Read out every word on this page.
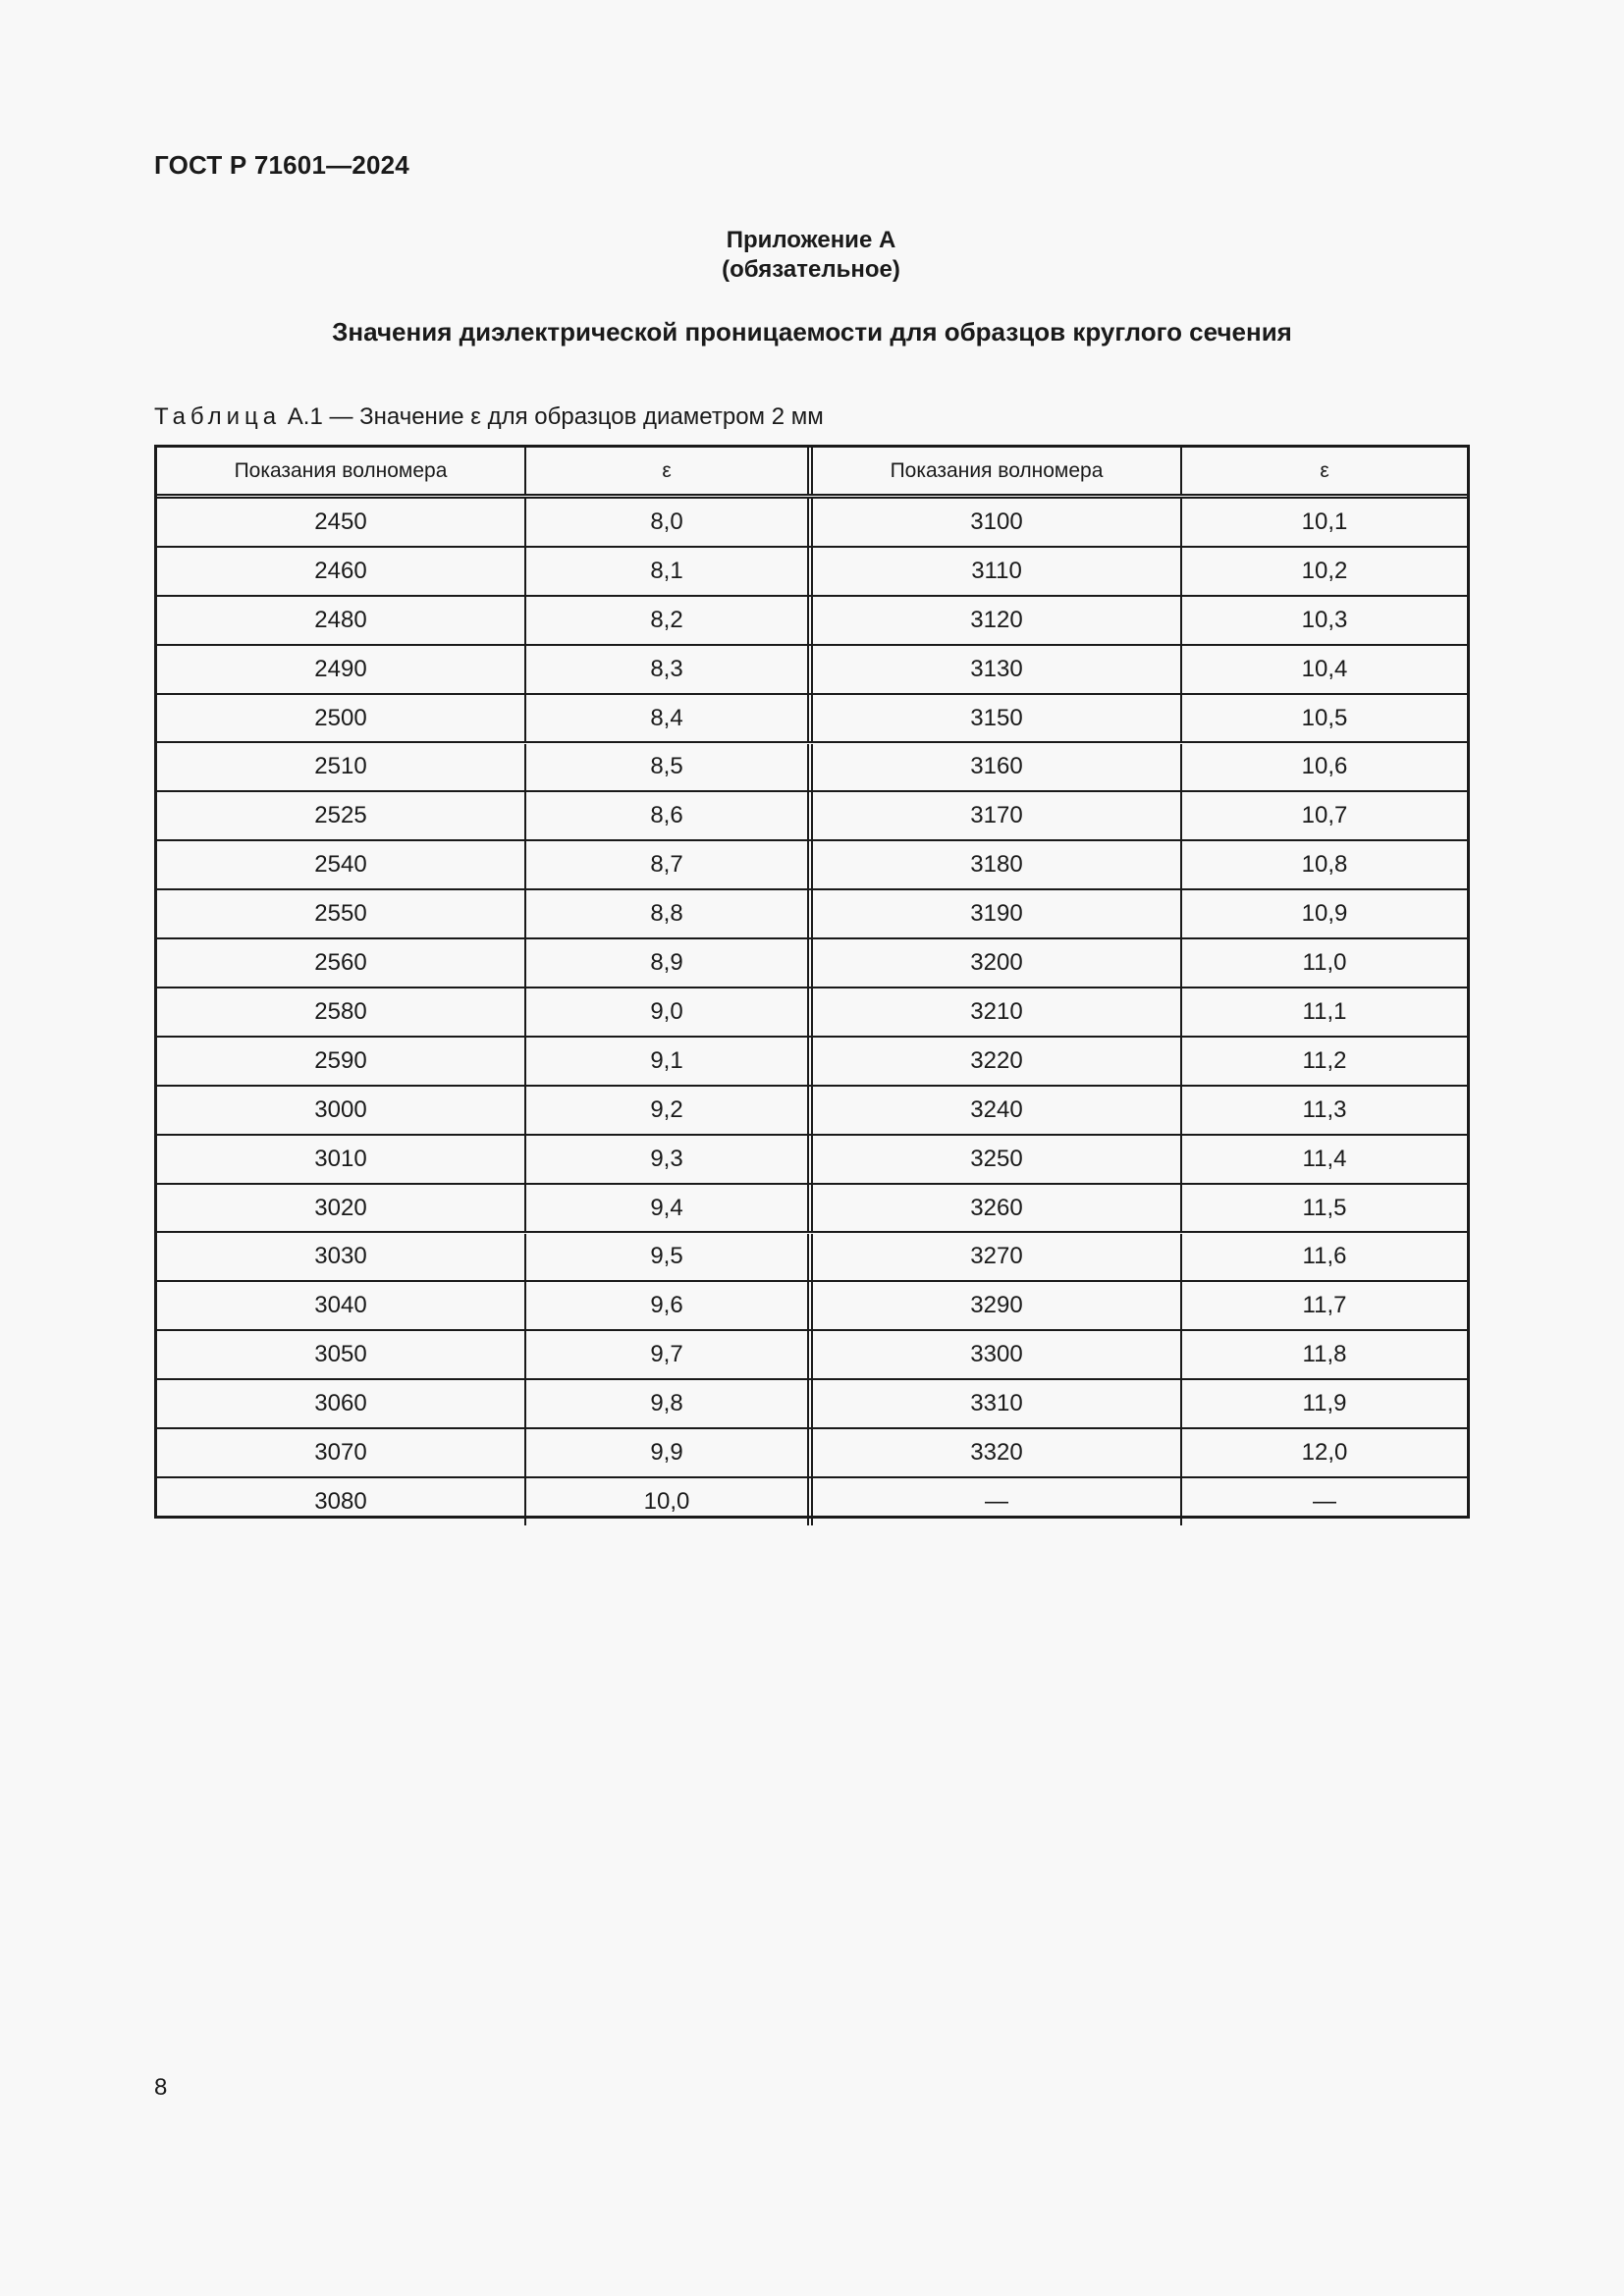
ГОСТ Р 71601—2024
Приложение А
(обязательное)
Значения диэлектрической проницаемости для образцов круглого сечения
Таблица А.1 — Значение ε для образцов диаметром 2 мм
Показания волномера	ε	Показания волномера	ε
2450	8,0	3100	10,1
2460	8,1	3110	10,2
2480	8,2	3120	10,3
2490	8,3	3130	10,4
2500	8,4	3150	10,5
2510	8,5	3160	10,6
2525	8,6	3170	10,7
2540	8,7	3180	10,8
2550	8,8	3190	10,9
2560	8,9	3200	11,0
2580	9,0	3210	11,1
2590	9,1	3220	11,2
3000	9,2	3240	11,3
3010	9,3	3250	11,4
3020	9,4	3260	11,5
3030	9,5	3270	11,6
3040	9,6	3290	11,7
3050	9,7	3300	11,8
3060	9,8	3310	11,9
3070	9,9	3320	12,0
3080	10,0	—	—
8
